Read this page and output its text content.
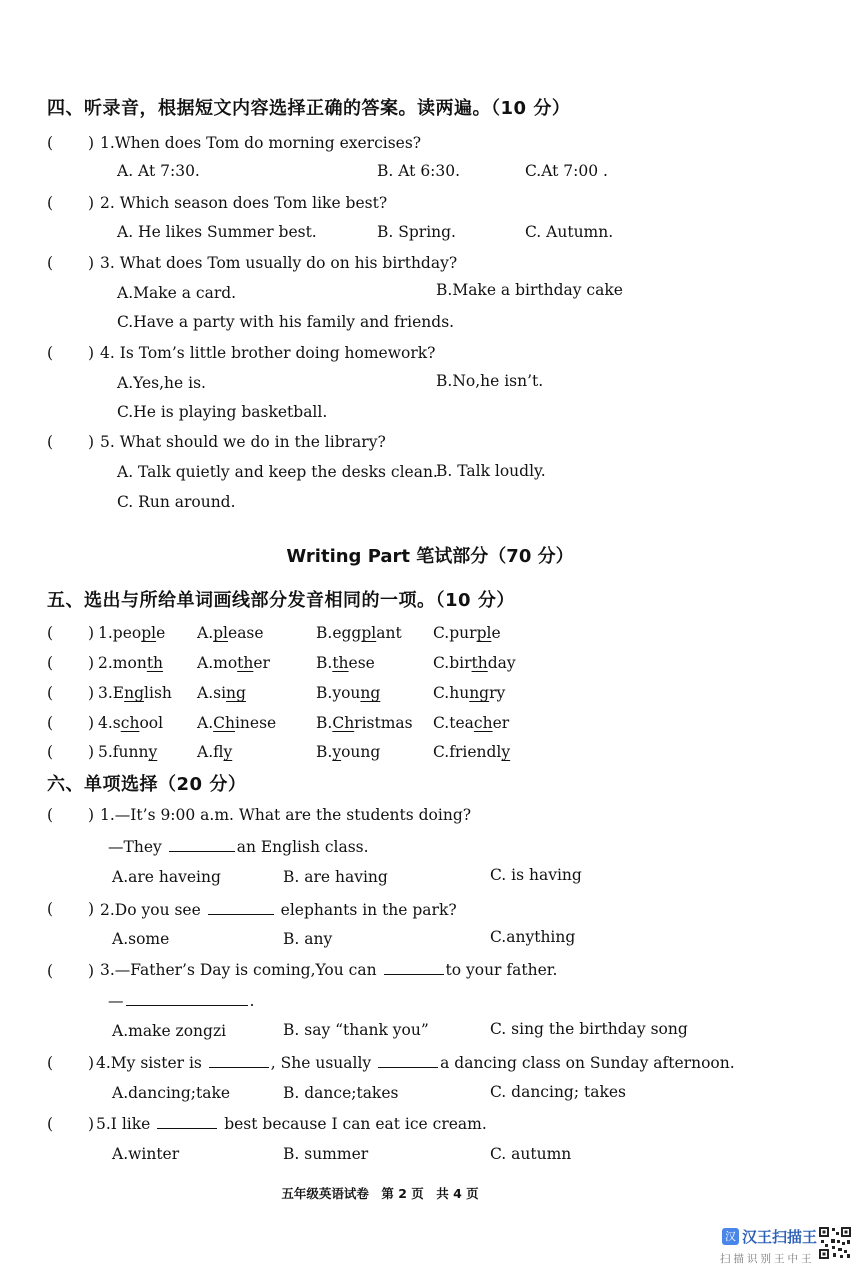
四、听录音，根据短文内容选择正确的答案。读两遍。（10 分）
( ) 1.When does Tom do morning exercises?
A. At 7:30.	B. At 6:30.	C.At 7:00 .
( ) 2. Which season does Tom like best?
A. He likes Summer best.	B. Spring.	C. Autumn.
( ) 3. What does Tom usually do on his birthday?
A.Make a card.	B.Make a birthday cake
C.Have a party with his family and friends.
( ) 4. Is Tom’s little brother doing homework?
A.Yes,he is.	B.No,he isn’t.
C.He is playing basketball.
( ) 5. What should we do in the library?
A. Talk quietly and keep the desks clean.
B. Talk loudly.
C. Run around.
Writing Part 笔试部分（70 分）
五、选出与所给单词画线部分发音相同的一项。（10 分）
( ) 1.people A.please	B.eggplant C.purple
( ) 2.month A.mother	B.these	C.birthday
( ) 3.English A.sing	B.young	C.hungry
( ) 4.school A.Chinese	B.Christmas C.teacher
( ) 5.funny	A.fly	B.young	C.friendly
六、单项选择（20 分）
( ) 1.—It’s 9:00 a.m. What are the students doing?
—They	an English class.
A.are haveing	B. are having	C. is having
( ) 2.Do you see	elephants in the park?
A.some	B. any	C.anything
( ) 3.—Father’s Day is coming,You can	to your father.
—	.
A.make zongzi	B. say “thank you”	C. sing the birthday song
( ) 4.My sister is	, She usually	a dancing class on Sunday afternoon.
A.dancing;take	B. dance;takes	C. dancing; takes
( ) 5.I like	best because I can eat ice cream.
A.winter	B. summer	C. autumn
五年级英语试卷　第 2 页　共 4 页
汉 汉王扫描王
扫描识别王中王
